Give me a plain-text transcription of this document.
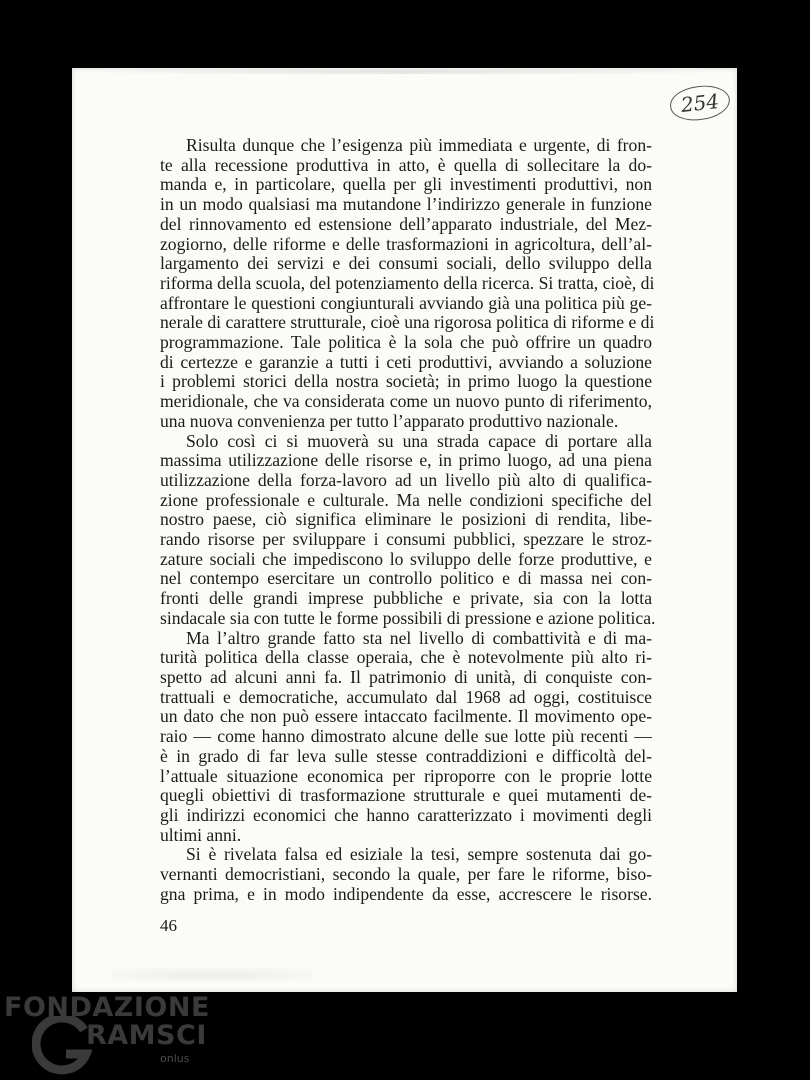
254
Risulta dunque che l’esigenza più immediata e urgente, di fron-
te alla recessione produttiva in atto, è quella di sollecitare la do-
manda e, in particolare, quella per gli investimenti produttivi, non
in un modo qualsiasi ma mutandone l’indirizzo generale in funzione
del rinnovamento ed estensione dell’apparato industriale, del Mez-
zogiorno, delle riforme e delle trasformazioni in agricoltura, dell’al-
largamento dei servizi e dei consumi sociali, dello sviluppo della
riforma della scuola, del potenziamento della ricerca. Si tratta, cioè, di
affrontare le questioni congiunturali avviando già una politica più ge-
nerale di carattere strutturale, cioè una rigorosa politica di riforme e di
programmazione. Tale politica è la sola che può offrire un quadro
di certezze e garanzie a tutti i ceti produttivi, avviando a soluzione
i problemi storici della nostra società; in primo luogo la questione
meridionale, che va considerata come un nuovo punto di riferimento,
una nuova convenienza per tutto l’apparato produttivo nazionale.
Solo così ci si muoverà su una strada capace di portare alla
massima utilizzazione delle risorse e, in primo luogo, ad una piena
utilizzazione della forza-lavoro ad un livello più alto di qualifica-
zione professionale e culturale. Ma nelle condizioni specifiche del
nostro paese, ciò significa eliminare le posizioni di rendita, libe-
rando risorse per sviluppare i consumi pubblici, spezzare le stroz-
zature sociali che impediscono lo sviluppo delle forze produttive, e
nel contempo esercitare un controllo politico e di massa nei con-
fronti delle grandi imprese pubbliche e private, sia con la lotta
sindacale sia con tutte le forme possibili di pressione e azione politica.
Ma l’altro grande fatto sta nel livello di combattività e di ma-
turità politica della classe operaia, che è notevolmente più alto ri-
spetto ad alcuni anni fa. Il patrimonio di unità, di conquiste con-
trattuali e democratiche, accumulato dal 1968 ad oggi, costituisce
un dato che non può essere intaccato facilmente. Il movimento ope-
raio — come hanno dimostrato alcune delle sue lotte più recenti —
è in grado di far leva sulle stesse contraddizioni e difficoltà del-
l’attuale situazione economica per riproporre con le proprie lotte
quegli obiettivi di trasformazione strutturale e quei mutamenti de-
gli indirizzi economici che hanno caratterizzato i movimenti degli
ultimi anni.
Si è rivelata falsa ed esiziale la tesi, sempre sostenuta dai go-
vernanti democristiani, secondo la quale, per fare le riforme, biso-
gna prima, e in modo indipendente da esse, accrescere le risorse.
46
FONDAZIONE
RAMSCI
onlus
